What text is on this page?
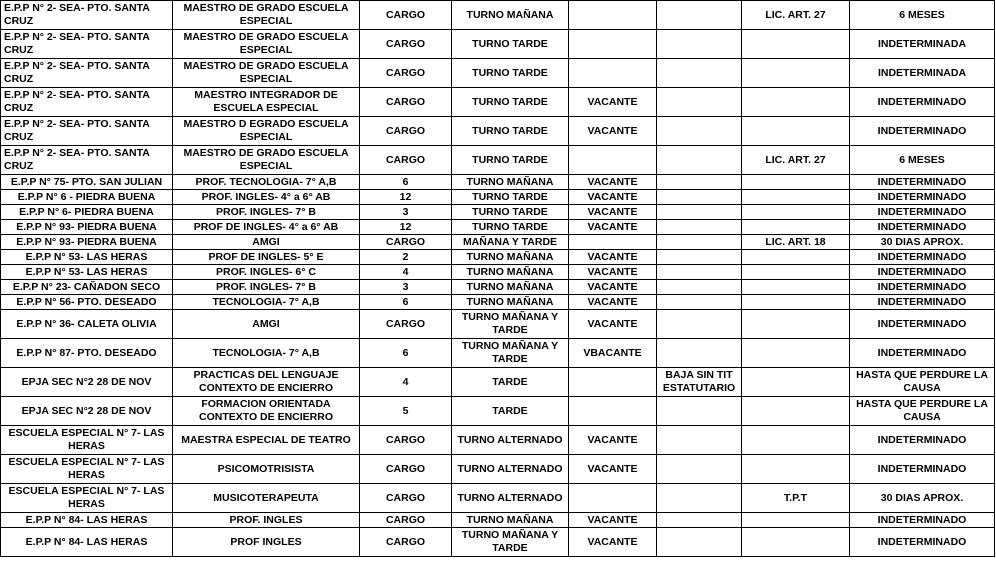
E.P.P N° 2- SEA- PTO. SANTA CRUZ	MAESTRO DE GRADO ESCUELA ESPECIAL	CARGO	TURNO MAÑANA			LIC. ART. 27	6 MESES
E.P.P N° 2- SEA- PTO. SANTA CRUZ	MAESTRO DE GRADO ESCUELA ESPECIAL	CARGO	TURNO TARDE				INDETERMINADA
E.P.P N° 2- SEA- PTO. SANTA CRUZ	MAESTRO DE GRADO ESCUELA ESPECIAL	CARGO	TURNO TARDE				INDETERMINADA
E.P.P N° 2- SEA- PTO. SANTA CRUZ	MAESTRO INTEGRADOR DE ESCUELA ESPECIAL	CARGO	TURNO TARDE	VACANTE			INDETERMINADO
E.P.P N° 2- SEA- PTO. SANTA CRUZ	MAESTRO D EGRADO ESCUELA ESPECIAL	CARGO	TURNO TARDE	VACANTE			INDETERMINADO
E.P.P N° 2- SEA- PTO. SANTA CRUZ	MAESTRO DE GRADO ESCUELA ESPECIAL	CARGO	TURNO TARDE			LIC. ART. 27	6 MESES
E.P.P N° 75- PTO. SAN JULIAN	PROF. TECNOLOGIA- 7° A,B	6	TURNO MAÑANA	VACANTE			INDETERMINADO
E.P.P N° 6 - PIEDRA BUENA	PROF. INGLES- 4° a 6° AB	12	TURNO TARDE	VACANTE			INDETERMINADO
E.P.P N° 6- PIEDRA BUENA	PROF. INGLES- 7° B	3	TURNO TARDE	VACANTE			INDETERMINADO
E.P.P N° 93- PIEDRA BUENA	PROF DE INGLES- 4° a 6° AB	12	TURNO TARDE	VACANTE			INDETERMINADO
E.P.P N° 93- PIEDRA BUENA	AMGI	CARGO	MAÑANA Y TARDE			LIC. ART. 18	30 DIAS APROX.
E.P.P N° 53- LAS HERAS	PROF DE INGLES- 5° E	2	TURNO MAÑANA	VACANTE			INDETERMINADO
E.P.P N° 53- LAS HERAS	PROF. INGLES- 6° C	4	TURNO MAÑANA	VACANTE			INDETERMINADO
E.P.P N° 23- CAÑADON SECO	PROF. INGLES- 7° B	3	TURNO MAÑANA	VACANTE			INDETERMINADO
E.P.P N° 56- PTO. DESEADO	TECNOLOGIA- 7° A,B	6	TURNO MAÑANA	VACANTE			INDETERMINADO
E.P.P N° 36- CALETA OLIVIA	AMGI	CARGO	TURNO MAÑANA Y TARDE	VACANTE			INDETERMINADO
E.P.P N° 87- PTO. DESEADO	TECNOLOGIA- 7° A,B	6	TURNO MAÑANA Y TARDE	VBACANTE			INDETERMINADO
EPJA SEC N°2 28 DE NOV	PRACTICAS DEL LENGUAJE CONTEXTO DE ENCIERRO	4	TARDE		BAJA SIN TIT ESTATUTARIO		HASTA QUE PERDURE LA CAUSA
EPJA SEC N°2 28 DE NOV	FORMACION ORIENTADA CONTEXTO DE ENCIERRO	5	TARDE				HASTA QUE PERDURE LA CAUSA
ESCUELA ESPECIAL N° 7- LAS HERAS	MAESTRA ESPECIAL DE TEATRO	CARGO	TURNO ALTERNADO	VACANTE			INDETERMINADO
ESCUELA ESPECIAL N° 7- LAS HERAS	PSICOMOTRISISTA	CARGO	TURNO ALTERNADO	VACANTE			INDETERMINADO
ESCUELA ESPECIAL N° 7- LAS HERAS	MUSICOTERAPEUTA	CARGO	TURNO ALTERNADO			T.P.T	30 DIAS APROX.
E.P.P N° 84- LAS HERAS	PROF. INGLES	CARGO	TURNO MAÑANA	VACANTE			INDETERMINADO
E.P.P N° 84- LAS HERAS	PROF INGLES	CARGO	TURNO MAÑANA Y TARDE	VACANTE			INDETERMINADO
